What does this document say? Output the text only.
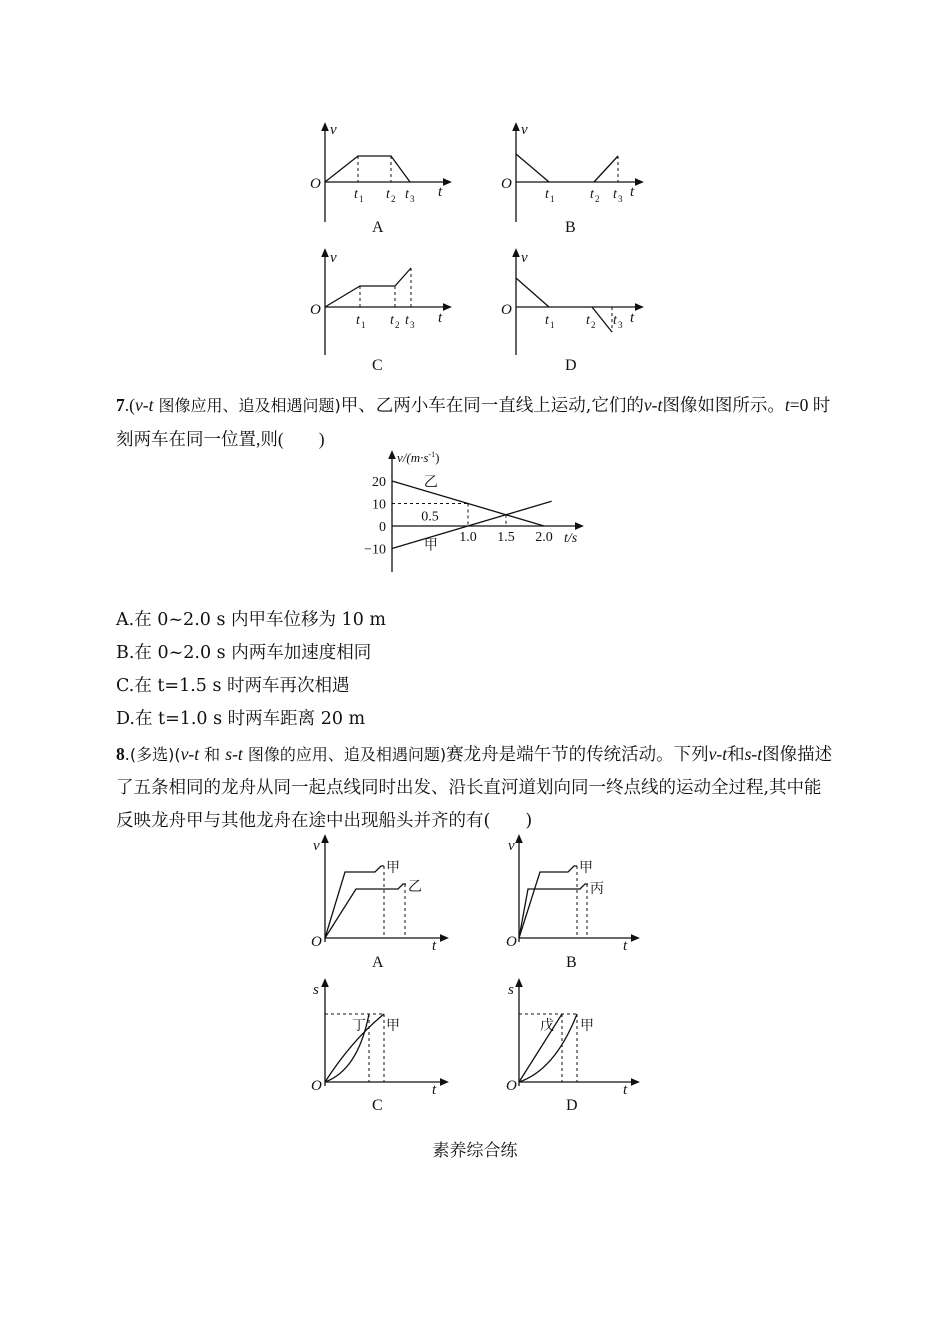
v
O	t
t 1 t 2 t 3
A
v
O	t
t 1	t 2 t 3
B
v
O	t
t 1 t 2 t 3
C
v
O	t
t 1 t 2 t 3
D

7.(v-t 图像应用、追及相遇问题)甲、乙两小车在同一直线上运动,它们的v-t图像如图所示。t=0 时刻两车在同一位置,则(　　)

$v/(m\cdot s^{-1})$
t/s
乙
甲
20
10
0
−10
0.5
1.0 1.5 2.0

A.在 0~2.0 s 内甲车位移为 10 m

B.在 0~2.0 s 内两车加速度相同

C.在 t=1.5 s 时两车再次相遇

D.在 t=1.0 s 时两车距离 20 m

8.(多选)(v-t 和 s-t 图像的应用、追及相遇问题)赛龙舟是端午节的传统活动。下列v-t和s-t图像描述了五条相同的龙舟从同一起点线同时出发、沿长直河道划向同一终点线的运动全过程,其中能反映龙舟甲与其他龙舟在途中出现船头并齐的有(　　)

v
O	t
甲
乙
A
v
O	t
甲
丙
B
s
O	t
丁 甲
C
s
O	t
戊 甲
D
素养综合练
